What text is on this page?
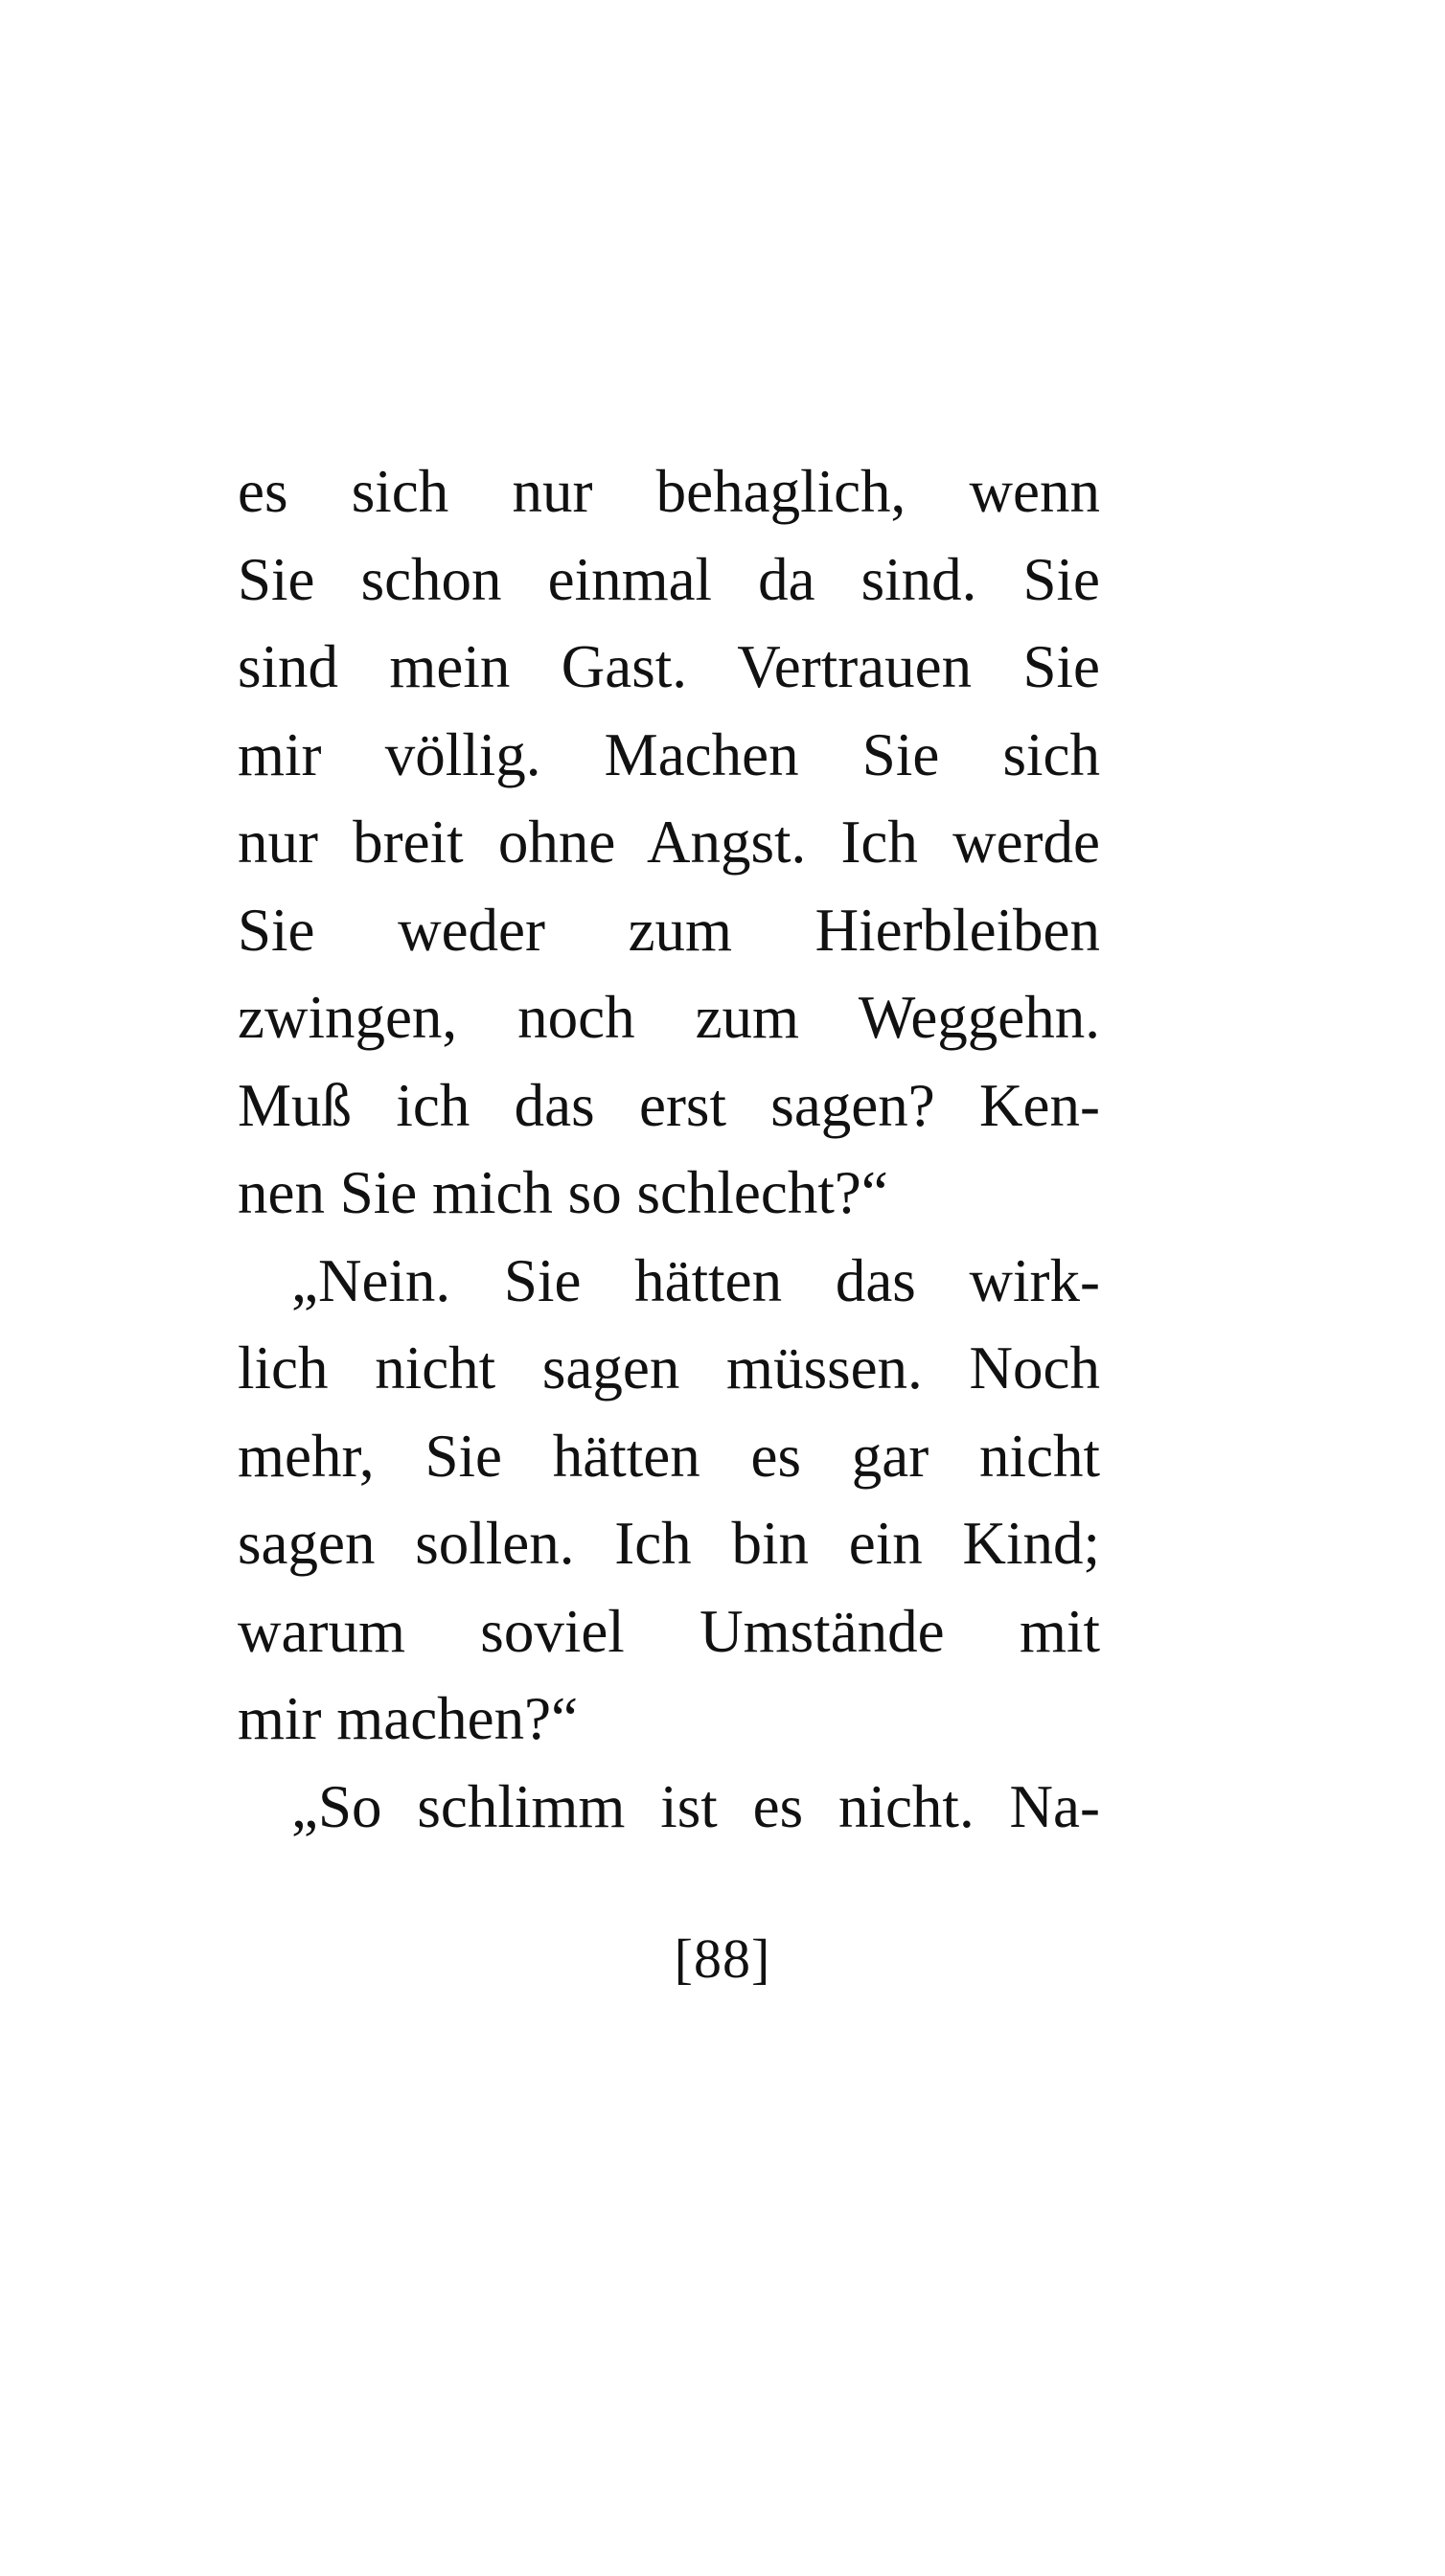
es sich nur behaglich, wenn
Sie schon einmal da sind. Sie
sind mein Gast. Vertrauen Sie
mir völlig. Machen Sie sich
nur breit ohne Angst. Ich werde
Sie weder zum Hierbleiben
zwingen, noch zum Weggehn.
Muß ich das erst sagen? Ken-
nen Sie mich so schlecht?“
„Nein. Sie hätten das wirk-
lich nicht sagen müssen. Noch
mehr, Sie hätten es gar nicht
sagen sollen. Ich bin ein Kind;
warum soviel Umstände mit
mir machen?“
„So schlimm ist es nicht. Na-
[88]
